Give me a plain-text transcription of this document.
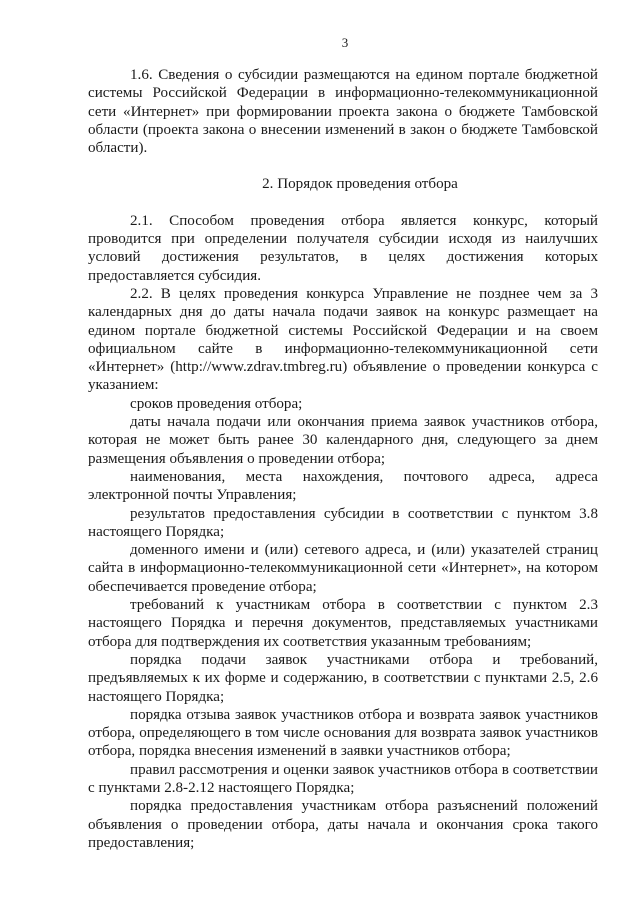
3

1.6. Сведения о субсидии размещаются на едином портале бюджетной системы Российской Федерации в информационно-телекоммуникационной сети «Интернет» при формировании проекта закона о бюджете Тамбовской области (проекта закона о внесении изменений в закон о бюджете Тамбовской области).

2. Порядок проведения отбора

2.1. Способом проведения отбора является конкурс, который проводится при определении получателя субсидии исходя из наилучших условий достижения результатов, в целях достижения которых предоставляется субсидия.

2.2. В целях проведения конкурса Управление не позднее чем за 3 календарных дня до даты начала подачи заявок на конкурс размещает на едином портале бюджетной системы Российской Федерации и на своем официальном сайте в информационно-телекоммуникационной сети «Интернет» (http://www.zdrav.tmbreg.ru) объявление о проведении конкурса с указанием:

сроков проведения отбора;

даты начала подачи или окончания приема заявок участников отбора, которая не может быть ранее 30 календарного дня, следующего за днем размещения объявления о проведении отбора;

наименования, места нахождения, почтового адреса, адреса электронной почты Управления;

результатов предоставления субсидии в соответствии с пунктом 3.8 настоящего Порядка;

доменного имени и (или) сетевого адреса, и (или) указателей страниц сайта в информационно-телекоммуникационной сети «Интернет», на котором обеспечивается проведение отбора;

требований к участникам отбора в соответствии с пунктом 2.3 настоящего Порядка и перечня документов, представляемых участниками отбора для подтверждения их соответствия указанным требованиям;

порядка подачи заявок участниками отбора и требований, предъявляемых к их форме и содержанию, в соответствии с пунктами 2.5, 2.6 настоящего Порядка;

порядка отзыва заявок участников отбора и возврата заявок участников отбора, определяющего в том числе основания для возврата заявок участников отбора, порядка внесения изменений в заявки участников отбора;

правил рассмотрения и оценки заявок участников отбора в соответствии с пунктами 2.8-2.12 настоящего Порядка;

порядка предоставления участникам отбора разъяснений положений объявления о проведении отбора, даты начала и окончания срока такого предоставления;
